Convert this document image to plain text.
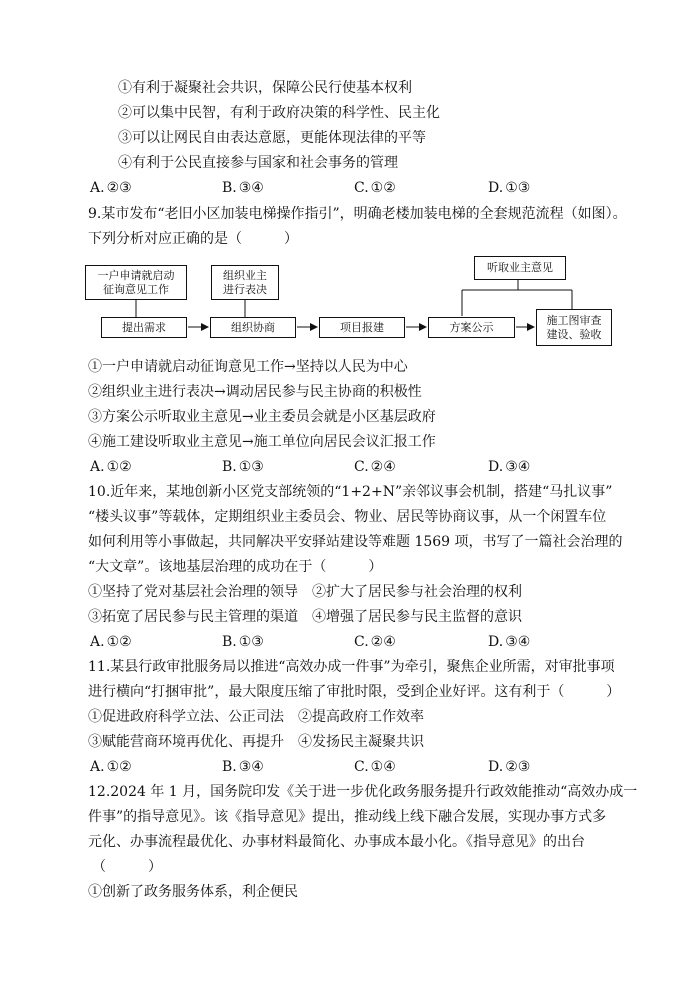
①有利于凝聚社会共识，保障公民行使基本权利
②可以集中民智，有利于政府决策的科学性、民主化
③可以让网民自由表达意愿，更能体现法律的平等
④有利于公民直接参与国家和社会事务的管理
A. ②③	B. ③④	C. ①②	D. ①③
9.某市发布“老旧小区加装电梯操作指引”，明确老楼加装电梯的全套规范流程（如图）。
下列分析对应正确的是（　　　）
一户申请就启动
征询意见工作
组织业主
进行表决
听取业主意见
提出需求	组织协商	项目报建	方案公示
施工图审查
建设、验收
①一户申请就启动征询意见工作→坚持以人民为中心
②组织业主进行表决→调动居民参与民主协商的积极性
③方案公示听取业主意见→业主委员会就是小区基层政府
④施工建设听取业主意见→施工单位向居民会议汇报工作
A. ①②	B. ①③	C. ②④	D. ③④
10.近年来，某地创新小区党支部统领的“1+2+N”亲邻议事会机制，搭建“马扎议事”
“楼头议事”等载体，定期组织业主委员会、物业、居民等协商议事，从一个闲置车位
如何利用等小事做起，共同解决平安驿站建设等难题 1569 项，书写了一篇社会治理的
“大文章”。该地基层治理的成功在于（　　　）
①坚持了党对基层社会治理的领导　 ②扩大了居民参与社会治理的权利
③拓宽了居民参与民主管理的渠道　 ④增强了居民参与民主监督的意识
A. ①②	B. ①③	C. ②④	D. ③④
11.某县行政审批服务局以推进“高效办成一件事”为牵引，聚焦企业所需，对审批事项
进行横向“打捆审批”，最大限度压缩了审批时限，受到企业好评。这有利于（　　　）
①促进政府科学立法、公正司法　 ②提高政府工作效率
③赋能营商环境再优化、再提升　 ④发扬民主凝聚共识
A. ①②	B. ③④	C. ①④	D. ②③
12.2024 年 1 月，国务院印发《关于进一步优化政务服务提升行政效能推动“高效办成一
件事”的指导意见》。该《指导意见》提出，推动线上线下融合发展，实现办事方式多
元化、办事流程最优化、办事材料最简化、办事成本最小化。《指导意见》的出台
（　　　）
①创新了政务服务体系，利企便民
